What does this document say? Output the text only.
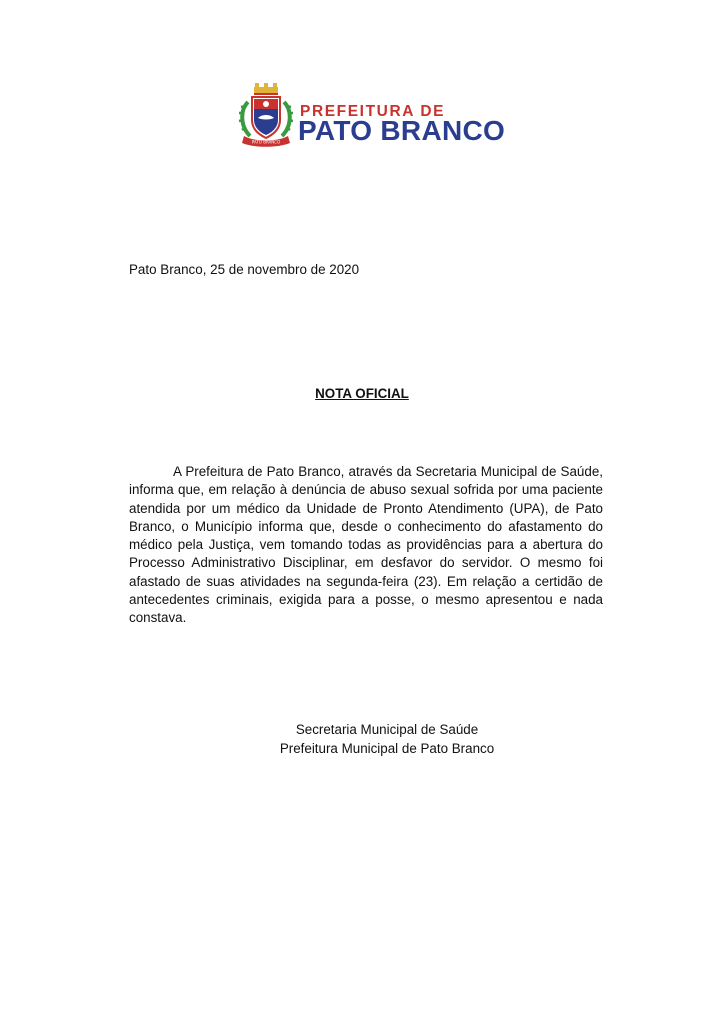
PATO BRANCO
PREFEITURA DE
PATO BRANCO
Pato Branco, 25 de novembro de 2020
NOTA OFICIAL
A Prefeitura de Pato Branco, através da Secretaria Municipal de Saúde,
informa que, em relação à denúncia de abuso sexual sofrida por uma paciente
atendida por um médico da Unidade de Pronto Atendimento (UPA), de Pato
Branco, o Município informa que, desde o conhecimento do afastamento do
médico pela Justiça, vem tomando todas as providências para a abertura do
Processo Administrativo Disciplinar, em desfavor do servidor. O mesmo foi
afastado de suas atividades na segunda-feira (23). Em relação a certidão de
antecedentes criminais, exigida para a posse, o mesmo apresentou e nada
constava.
Secretaria Municipal de Saúde
Prefeitura Municipal de Pato Branco
